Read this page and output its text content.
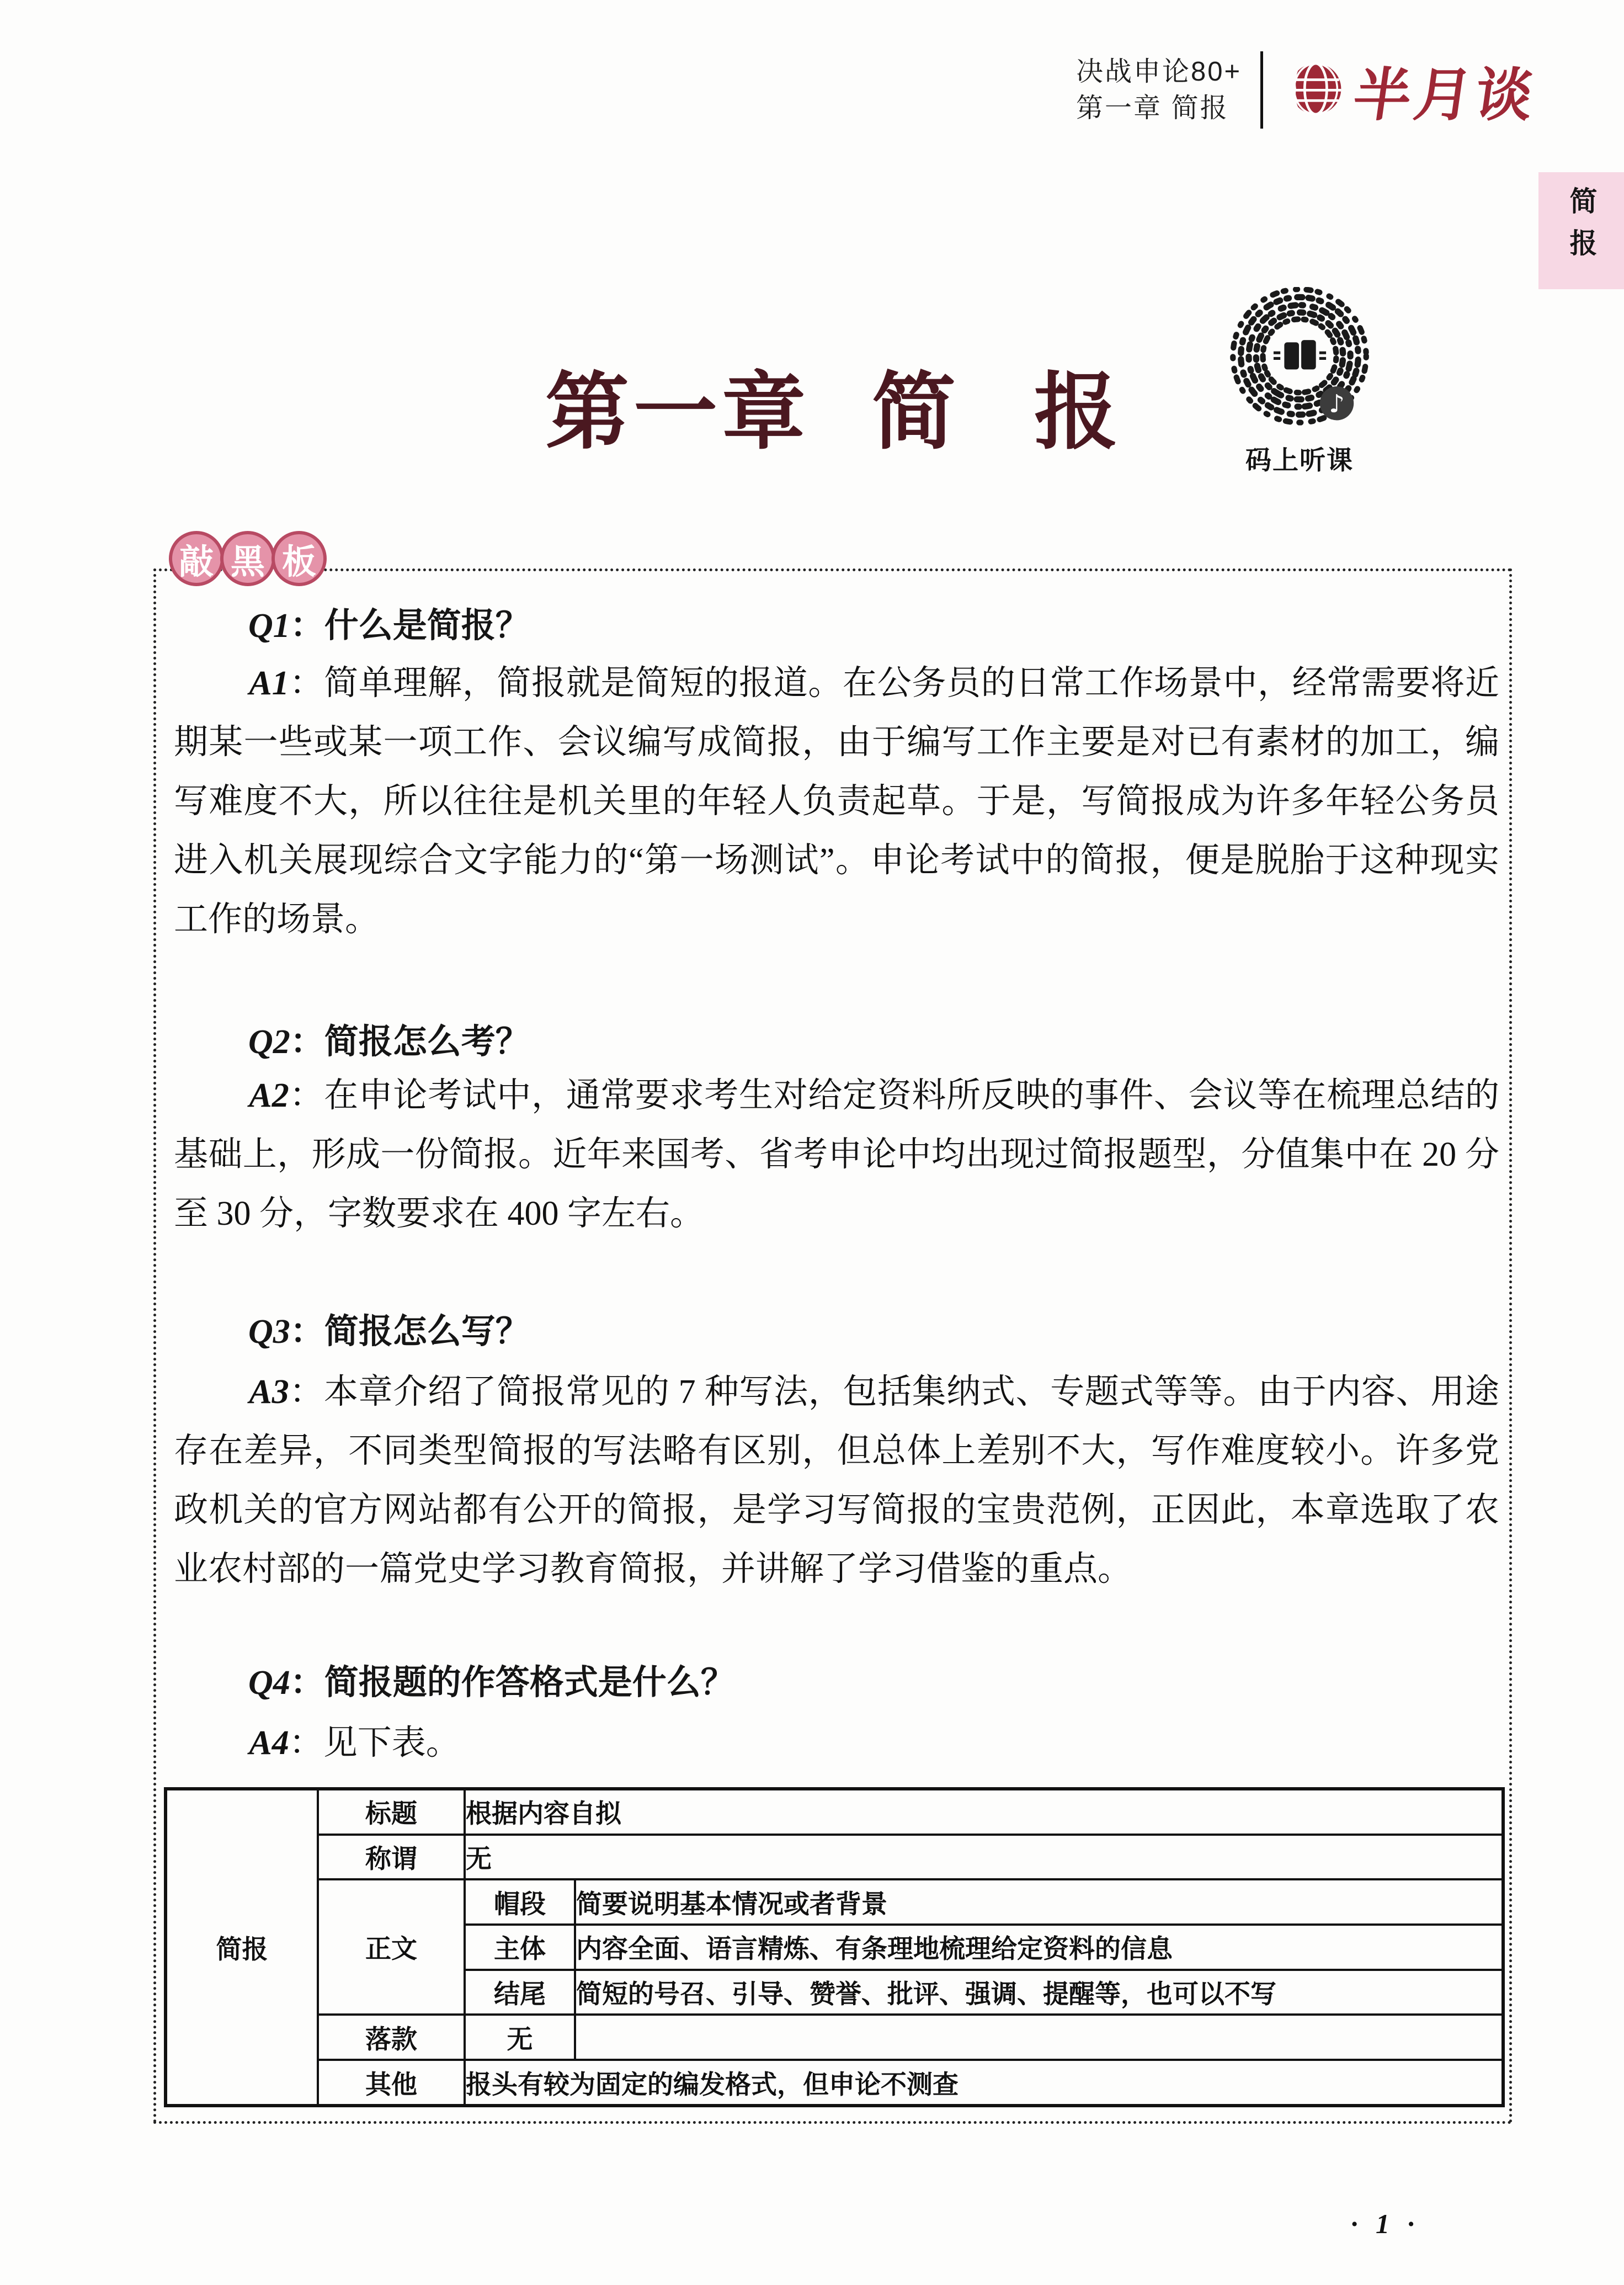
决战申论80+
第一章 简报 半月谈
简报
第一章 简 报	♪
码上听课
敲 黑 板
Q1：什么是简报？
A1：简单理解，简报就是简短的报道。在公务员的日常工作场景中，经常需要将近期某一些或某一项工作、会议编写成简报，由于编写工作主要是对已有素材的加工，编写难度不大，所以往往是机关里的年轻人负责起草。于是，写简报成为许多年轻公务员进入机关展现综合文字能力的“第一场测试”。申论考试中的简报，便是脱胎于这种现实工作的场景。
Q2：简报怎么考？
A2：在申论考试中，通常要求考生对给定资料所反映的事件、会议等在梳理总结的基础上，形成一份简报。近年来国考、省考申论中均出现过简报题型，分值集中在 20 分至 30 分，字数要求在 400 字左右。
Q3：简报怎么写？
A3：本章介绍了简报常见的 7 种写法，包括集纳式、专题式等等。由于内容、用途存在差异，不同类型简报的写法略有区别，但总体上差别不大，写作难度较小。许多党政机关的官方网站都有公开的简报，是学习写简报的宝贵范例，正因此，本章选取了农业农村部的一篇党史学习教育简报，并讲解了学习借鉴的重点。
Q4：简报题的作答格式是什么？
A4：见下表。
简报	标题	根据内容自拟	
	称谓	无	
	正文	帽段	简要说明基本情况或者背景
		主体	内容全面、语言精炼、有条理地梳理给定资料的信息
		结尾	简短的号召、引导、赞誉、批评、强调、提醒等，也可以不写
	落款	无	
	其他	报头有较为固定的编发格式，但申论不测查	
· 1 ·
